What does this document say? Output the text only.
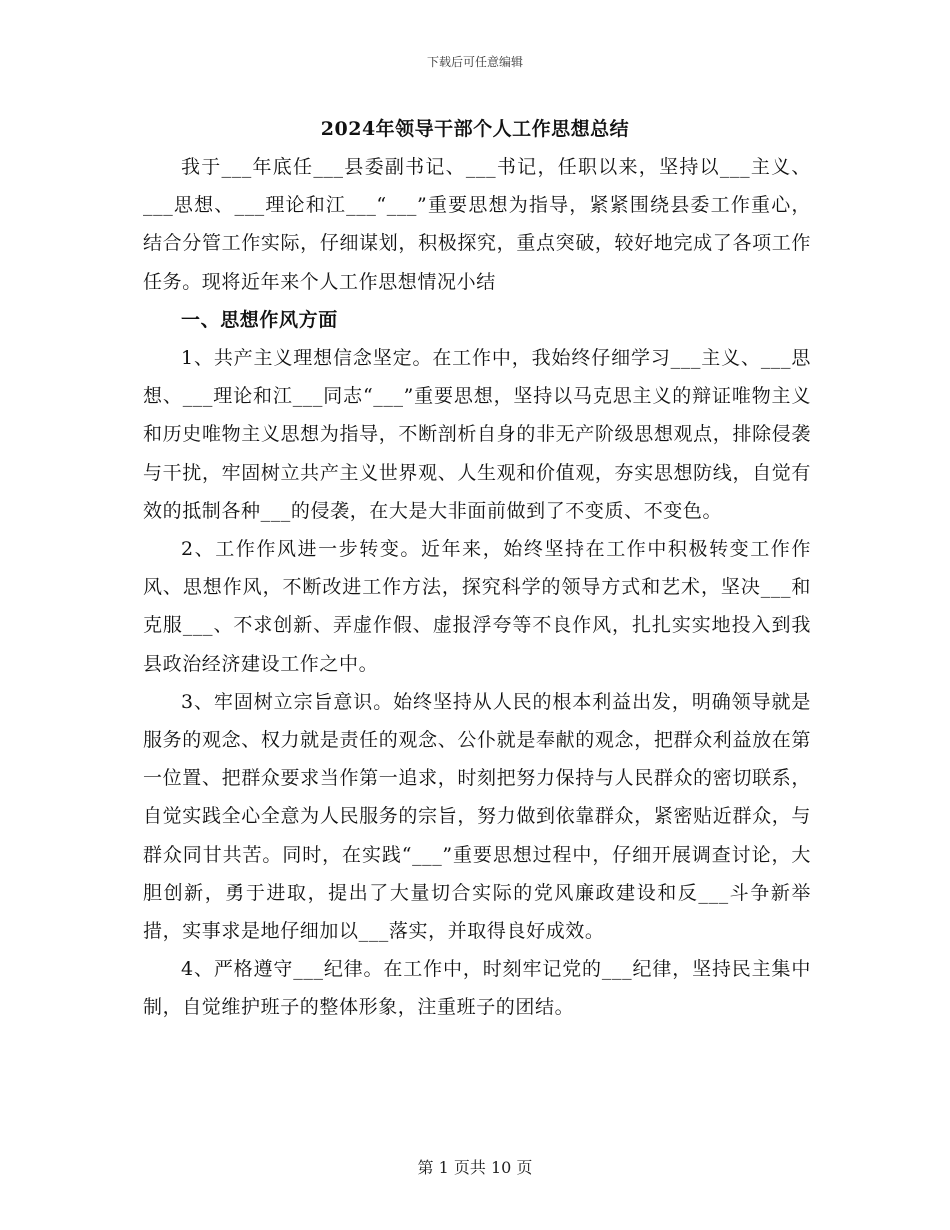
下载后可任意编辑
2024年领导干部个人工作思想总结

我于___年底任___县委副书记、___书记，任职以来，坚持以___主义、___思想、___理论和江___“___”重要思想为指导，紧紧围绕县委工作重心，结合分管工作实际，仔细谋划，积极探究，重点突破，较好地完成了各项工作任务。现将近年来个人工作思想情况小结

一、思想作风方面

1、共产主义理想信念坚定。在工作中，我始终仔细学习___主义、___思想、___理论和江___同志“___”重要思想，坚持以马克思主义的辩证唯物主义和历史唯物主义思想为指导，不断剖析自身的非无产阶级思想观点，排除侵袭与干扰，牢固树立共产主义世界观、人生观和价值观，夯实思想防线，自觉有效的抵制各种___的侵袭，在大是大非面前做到了不变质、不变色。

2、工作作风进一步转变。近年来，始终坚持在工作中积极转变工作作风、思想作风，不断改进工作方法，探究科学的领导方式和艺术，坚决___和克服___、不求创新、弄虚作假、虚报浮夸等不良作风，扎扎实实地投入到我县政治经济建设工作之中。

3、牢固树立宗旨意识。始终坚持从人民的根本利益出发，明确领导就是服务的观念、权力就是责任的观念、公仆就是奉献的观念，把群众利益放在第一位置、把群众要求当作第一追求，时刻把努力保持与人民群众的密切联系，自觉实践全心全意为人民服务的宗旨，努力做到依靠群众，紧密贴近群众，与群众同甘共苦。同时，在实践“___”重要思想过程中，仔细开展调查讨论，大胆创新，勇于进取，提出了大量切合实际的党风廉政建设和反___斗争新举措，实事求是地仔细加以___落实，并取得良好成效。

4、严格遵守___纪律。在工作中，时刻牢记党的___纪律，坚持民主集中制，自觉维护班子的整体形象，注重班子的团结。

第 1 页共 10 页
